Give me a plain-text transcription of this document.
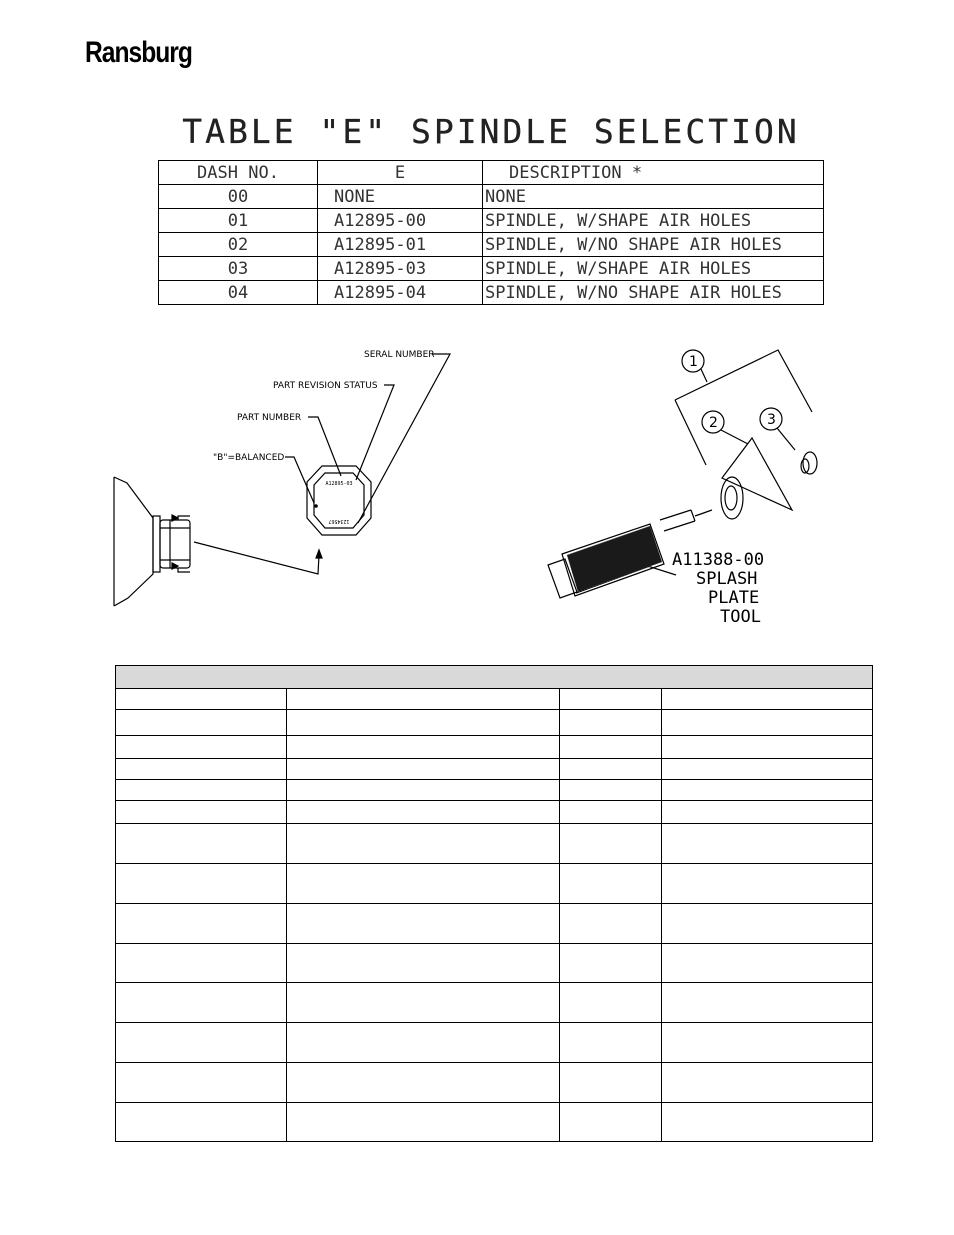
Ransburg
TABLE "E" SPINDLE SELECTION
DASH NO.	E	DESCRIPTION *
00	NONE	NONE
01	A12895-00	SPINDLE, W/SHAPE AIR HOLES
02	A12895-01	SPINDLE, W/NO SHAPE AIR HOLES
03	A12895-03	SPINDLE, W/SHAPE AIR HOLES
04	A12895-04	SPINDLE, W/NO SHAPE AIR HOLES
A12895-03
1234567
SERAL NUMBER
PART REVISION STATUS
PART NUMBER
"B"=BALANCED
1
2	3
A11388-00
SPLASH
PLATE
TOOL
